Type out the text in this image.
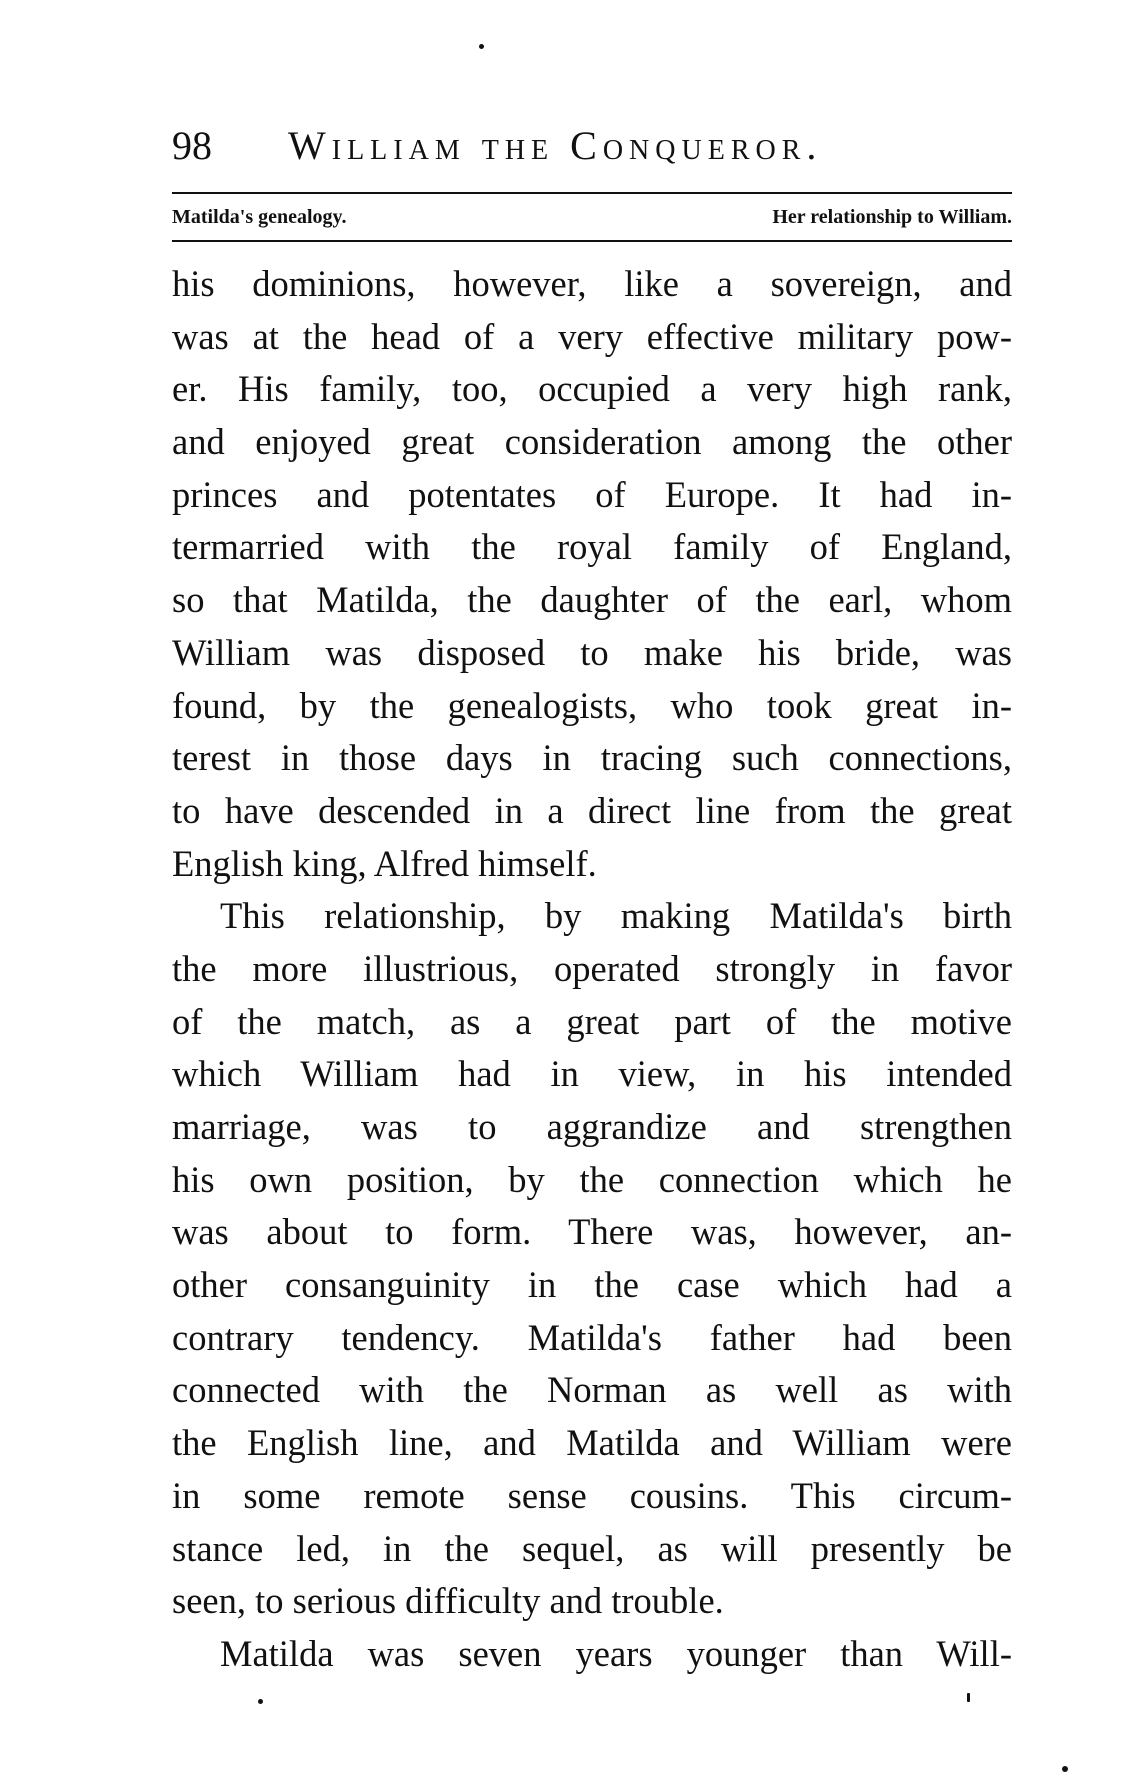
98 William the Conqueror.
Matilda's genealogy.	Her relationship to William.
his dominions, however, like a sovereign, and
was at the head of a very effective military pow-
er. His family, too, occupied a very high rank,
and enjoyed great consideration among the other
princes and potentates of Europe. It had in-
termarried with the royal family of England,
so that Matilda, the daughter of the earl, whom
William was disposed to make his bride, was
found, by the genealogists, who took great in-
terest in those days in tracing such connections,
to have descended in a direct line from the great
English king, Alfred himself.
This relationship, by making Matilda's birth
the more illustrious, operated strongly in favor
of the match, as a great part of the motive
which William had in view, in his intended
marriage, was to aggrandize and strengthen
his own position, by the connection which he
was about to form. There was, however, an-
other consanguinity in the case which had a
contrary tendency. Matilda's father had been
connected with the Norman as well as with
the English line, and Matilda and William were
in some remote sense cousins. This circum-
stance led, in the sequel, as will presently be
seen, to serious difficulty and trouble.
Matilda was seven years younger than Will-
